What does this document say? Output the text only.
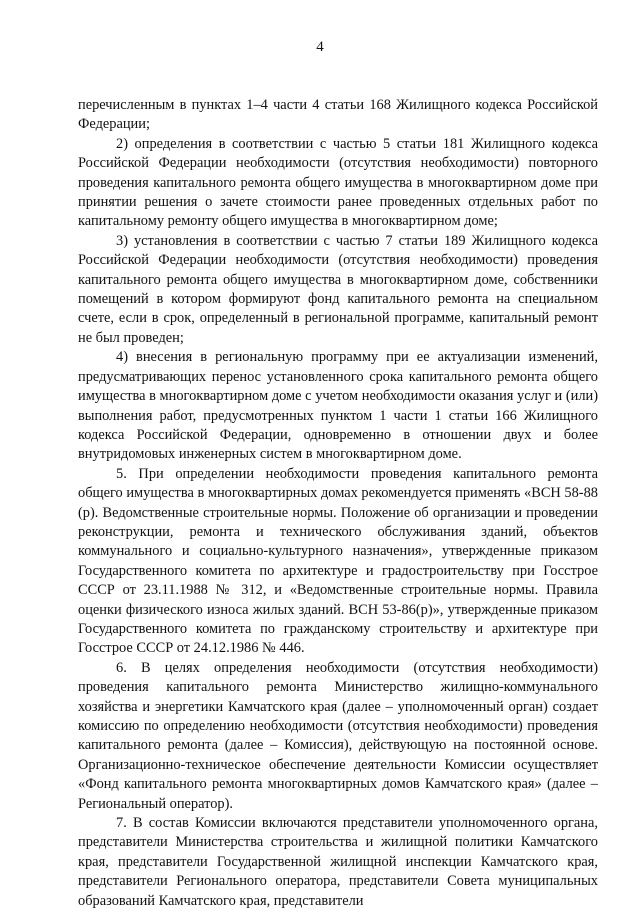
4

перечисленным в пунктах 1–4 части 4 статьи 168 Жилищного кодекса Российской Федерации;

2) определения в соответствии с частью 5 статьи 181 Жилищного кодекса Российской Федерации необходимости (отсутствия необходимости) повторного проведения капитального ремонта общего имущества в многоквартирном доме при принятии решения о зачете стоимости ранее проведенных отдельных работ по капитальному ремонту общего имущества в многоквартирном доме;

3) установления в соответствии с частью 7 статьи 189 Жилищного кодекса Российской Федерации необходимости (отсутствия необходимости) проведения капитального ремонта общего имущества в многоквартирном доме, собственники помещений в котором формируют фонд капитального ремонта на специальном счете, если в срок, определенный в региональной программе, капитальный ремонт не был проведен;

4) внесения в региональную программу при ее актуализации изменений, предусматривающих перенос установленного срока капитального ремонта общего имущества в многоквартирном доме с учетом необходимости оказания услуг и (или) выполнения работ, предусмотренных пунктом 1 части 1 статьи 166 Жилищного кодекса Российской Федерации, одновременно в отношении двух и более внутридомовых инженерных систем в многоквартирном доме.

5. При определении необходимости проведения капитального ремонта общего имущества в многоквартирных домах рекомендуется применять «ВСН 58-88 (р). Ведомственные строительные нормы. Положение об организации и проведении реконструкции, ремонта и технического обслуживания зданий, объектов коммунального и социально-культурного назначения», утвержденные приказом Государственного комитета по архитектуре и градостроительству при Госстрое СССР от 23.11.1988 № 312, и «Ведомственные строительные нормы. Правила оценки физического износа жилых зданий. ВСН 53-86(р)», утвержденные приказом Государственного комитета по гражданскому строительству и архитектуре при Госстрое СССР от 24.12.1986 № 446.

6. В целях определения необходимости (отсутствия необходимости) проведения капитального ремонта Министерство жилищно-коммунального хозяйства и энергетики Камчатского края (далее – уполномоченный орган) создает комиссию по определению необходимости (отсутствия необходимости) проведения капитального ремонта (далее – Комиссия), действующую на постоянной основе. Организационно-техническое обеспечение деятельности Комиссии осуществляет «Фонд капитального ремонта многоквартирных домов Камчатского края» (далее – Региональный оператор).

7. В состав Комиссии включаются представители уполномоченного органа, представители Министерства строительства и жилищной политики Камчатского края, представители Государственной жилищной инспекции Камчатского края, представители Регионального оператора, представители Совета муниципальных образований Камчатского края, представители
